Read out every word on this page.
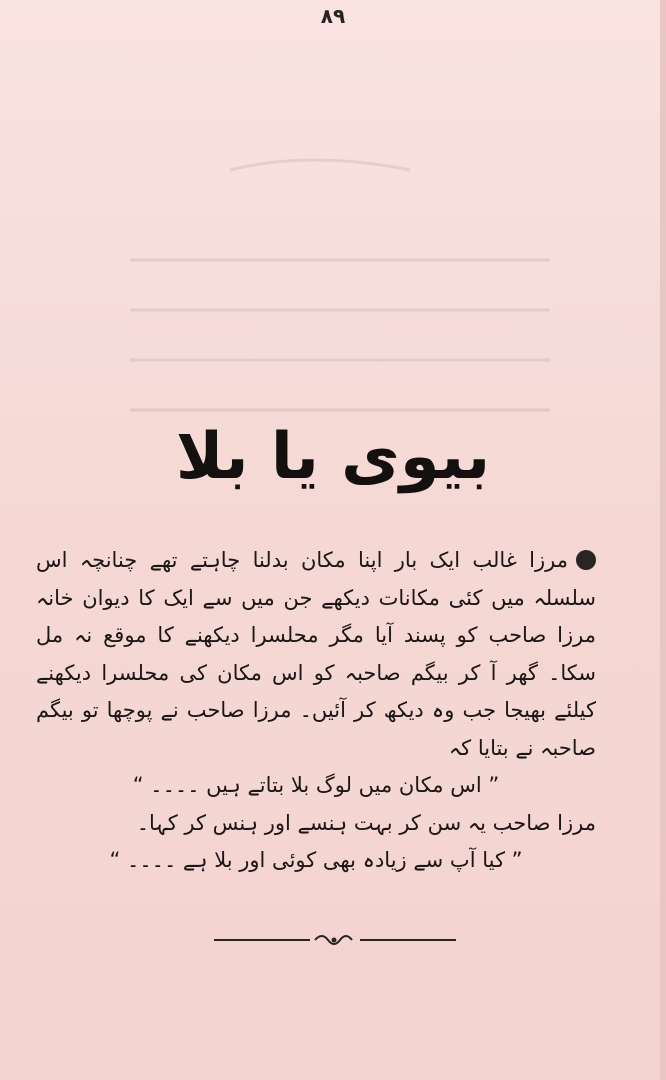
۸۹
بیوی یا بلا
مرزا غالب ایک بار اپنا مکان بدلنا چاہتے تھے چنانچہ اس سلسلہ میں کئی مکانات دیکھے جن میں سے ایک کا دیوان خانہ مرزا صاحب کو پسند آیا مگر محلسرا دیکھنے کا موقع نہ مل سکا۔ گھر آ کر بیگم صاحبہ کو اس مکان کی محلسرا دیکھنے کیلئے بھیجا جب وہ دیکھ کر آئیں۔ مرزا صاحب نے پوچھا تو بیگم صاحبہ نے بتایا کہ
” اس مکان میں لوگ بلا بتاتے ہیں ۔۔۔۔ “
مرزا صاحب یہ سن کر بہت ہنسے اور ہنس کر کہا۔
” کیا آپ سے زیادہ بھی کوئی اور بلا ہے ۔۔۔۔ “
